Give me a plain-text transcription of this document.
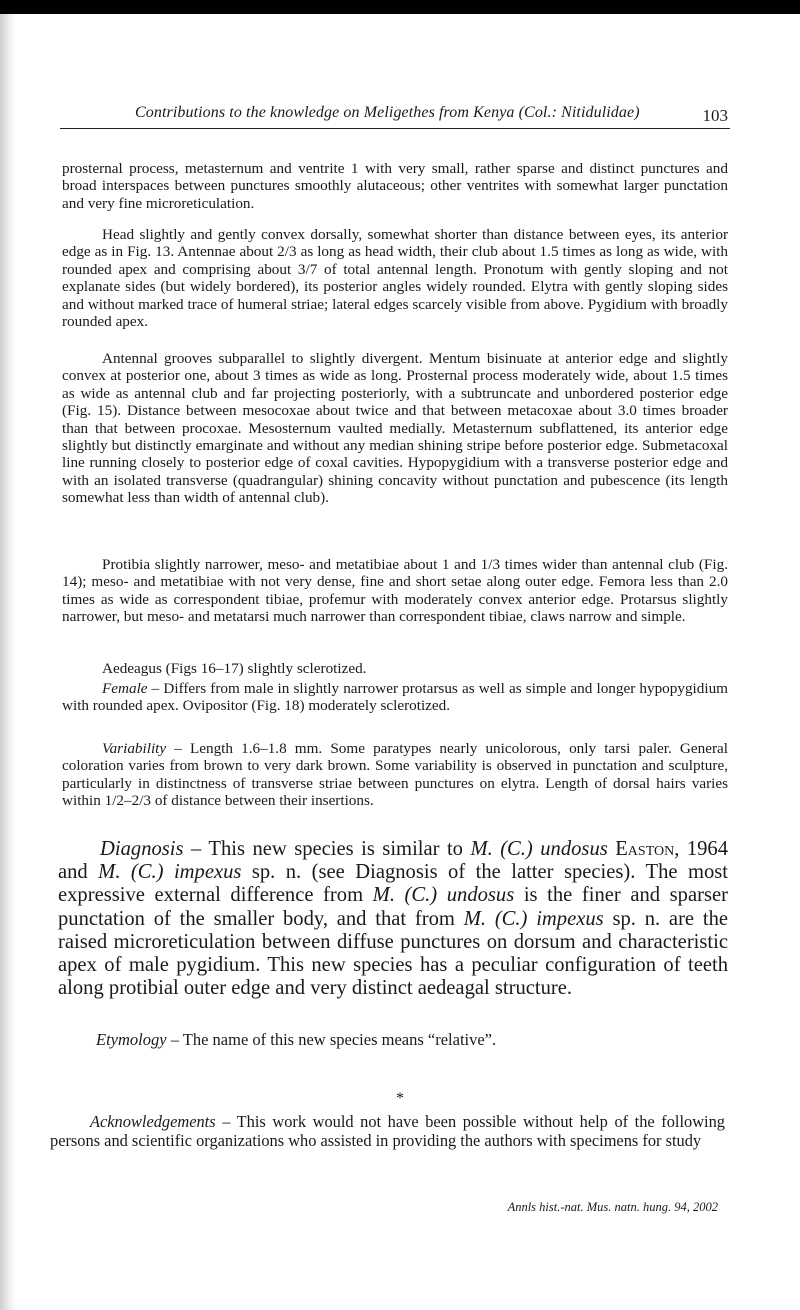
Contributions to the knowledge on Meligethes from Kenya (Col.: Nitidulidae)	103

prosternal process, metasternum and ventrite 1 with very small, rather sparse and distinct punctures and broad interspaces between punctures smoothly alutaceous; other ventrites with somewhat larger punctation and very fine microreticulation.

Head slightly and gently convex dorsally, somewhat shorter than distance between eyes, its anterior edge as in Fig. 13. Antennae about 2/3 as long as head width, their club about 1.5 times as long as wide, with rounded apex and comprising about 3/7 of total antennal length. Pronotum with gently sloping and not explanate sides (but widely bordered), its posterior angles widely rounded. Elytra with gently sloping sides and without marked trace of humeral striae; lateral edges scarcely visible from above. Pygidium with broadly rounded apex.

Antennal grooves subparallel to slightly divergent. Mentum bisinuate at anterior edge and slightly convex at posterior one, about 3 times as wide as long. Prosternal process moderately wide, about 1.5 times as wide as antennal club and far projecting posteriorly, with a subtruncate and unbordered posterior edge (Fig. 15). Distance between mesocoxae about twice and that between metacoxae about 3.0 times broader than that between procoxae. Mesosternum vaulted medially. Metasternum subflattened, its anterior edge slightly but distinctly emarginate and without any median shining stripe before posterior edge. Submetacoxal line running closely to posterior edge of coxal cavities. Hypopygidium with a transverse posterior edge and with an isolated transverse (quadrangular) shining concavity without punctation and pubescence (its length somewhat less than width of antennal club).

Protibia slightly narrower, meso- and metatibiae about 1 and 1/3 times wider than antennal club (Fig. 14); meso- and metatibiae with not very dense, fine and short setae along outer edge. Femora less than 2.0 times as wide as correspondent tibiae, profemur with moderately convex anterior edge. Protarsus slightly narrower, but meso- and metatarsi much narrower than correspondent tibiae, claws narrow and simple.

Aedeagus (Figs 16–17) slightly sclerotized.

Female – Differs from male in slightly narrower protarsus as well as simple and longer hypopygidium with rounded apex. Ovipositor (Fig. 18) moderately sclerotized.

Variability – Length 1.6–1.8 mm. Some paratypes nearly unicolorous, only tarsi paler. General coloration varies from brown to very dark brown. Some variability is observed in punctation and sculpture, particularly in distinctness of transverse striae between punctures on elytra. Length of dorsal hairs varies within 1/2–2/3 of distance between their insertions.

Diagnosis – This new species is similar to M. (C.) undosus Easton, 1964 and M. (C.) impexus sp. n. (see Diagnosis of the latter species). The most expressive external difference from M. (C.) undosus is the finer and sparser punctation of the smaller body, and that from M. (C.) impexus sp. n. are the raised microreticulation between diffuse punctures on dorsum and characteristic apex of male pygidium. This new species has a peculiar configuration of teeth along protibial outer edge and very distinct aedeagal structure.

Etymology – The name of this new species means “relative”.
*

Acknowledgements – This work would not have been possible without help of the following persons and scientific organizations who assisted in providing the authors with specimens for study

Annls hist.-nat. Mus. natn. hung. 94, 2002
